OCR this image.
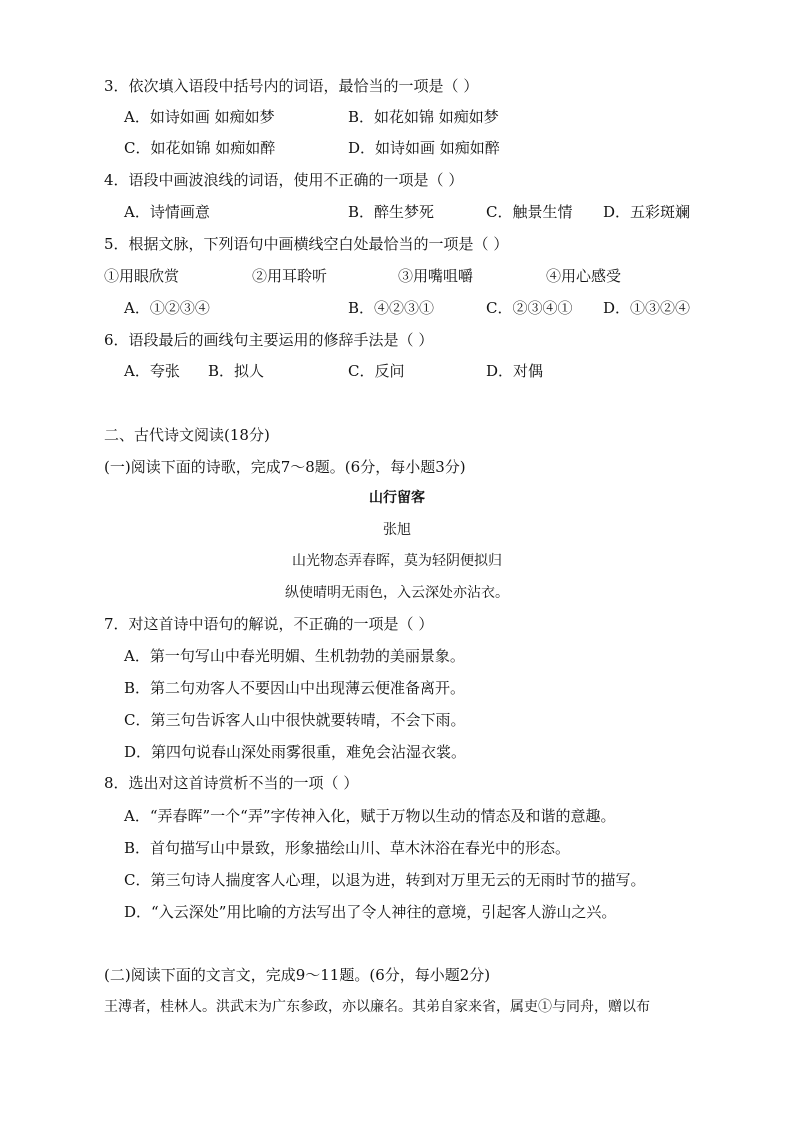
3．依次填入语段中括号内的词语，最恰当的一项是（ ）
A．如诗如画 如痴如梦	B．如花如锦 如痴如梦
C．如花如锦 如痴如醉	D．如诗如画 如痴如醉
4．语段中画波浪线的词语，使用不正确的一项是（ ）
A．诗情画意	B．醉生梦死	C．触景生情 D．五彩斑斓
5．根据文脉，下列语句中画横线空白处最恰当的一项是（ ）
①用眼欣赏	②用耳聆听	③用嘴咀嚼	④用心感受
A．①②③④	B．④②③①	C．②③④① D．①③②④
6．语段最后的画线句主要运用的修辞手法是（ ）
A．夸张 B．拟人	C．反问	D．对偶
二、古代诗文阅读(18分)
(一)阅读下面的诗歌，完成7～8题。(6分，每小题3分)
山行留客
张旭
山光物态弄春晖，莫为轻阴便拟归
纵使晴明无雨色，入云深处亦沾衣。
7．对这首诗中语句的解说，不正确的一项是（ ）
A．第一句写山中春光明媚、生机勃勃的美丽景象。
B．第二句劝客人不要因山中出现薄云便准备离开。
C．第三句告诉客人山中很快就要转晴，不会下雨。
D．第四句说春山深处雨雾很重，难免会沾湿衣裳。
8．选出对这首诗赏析不当的一项（ ）
A．“弄春晖”一个“弄”字传神入化，赋于万物以生动的情态及和谐的意趣。
B．首句描写山中景致，形象描绘山川、草木沐浴在春光中的形态。
C．第三句诗人揣度客人心理，以退为进，转到对万里无云的无雨时节的描写。
D．“入云深处”用比喻的方法写出了令人神往的意境，引起客人游山之兴。
(二)阅读下面的文言文，完成9～11题。(6分，每小题2分)
王溥者，桂林人。洪武末为广东参政，亦以廉名。其弟自家来省，属吏①与同舟，赠以布
